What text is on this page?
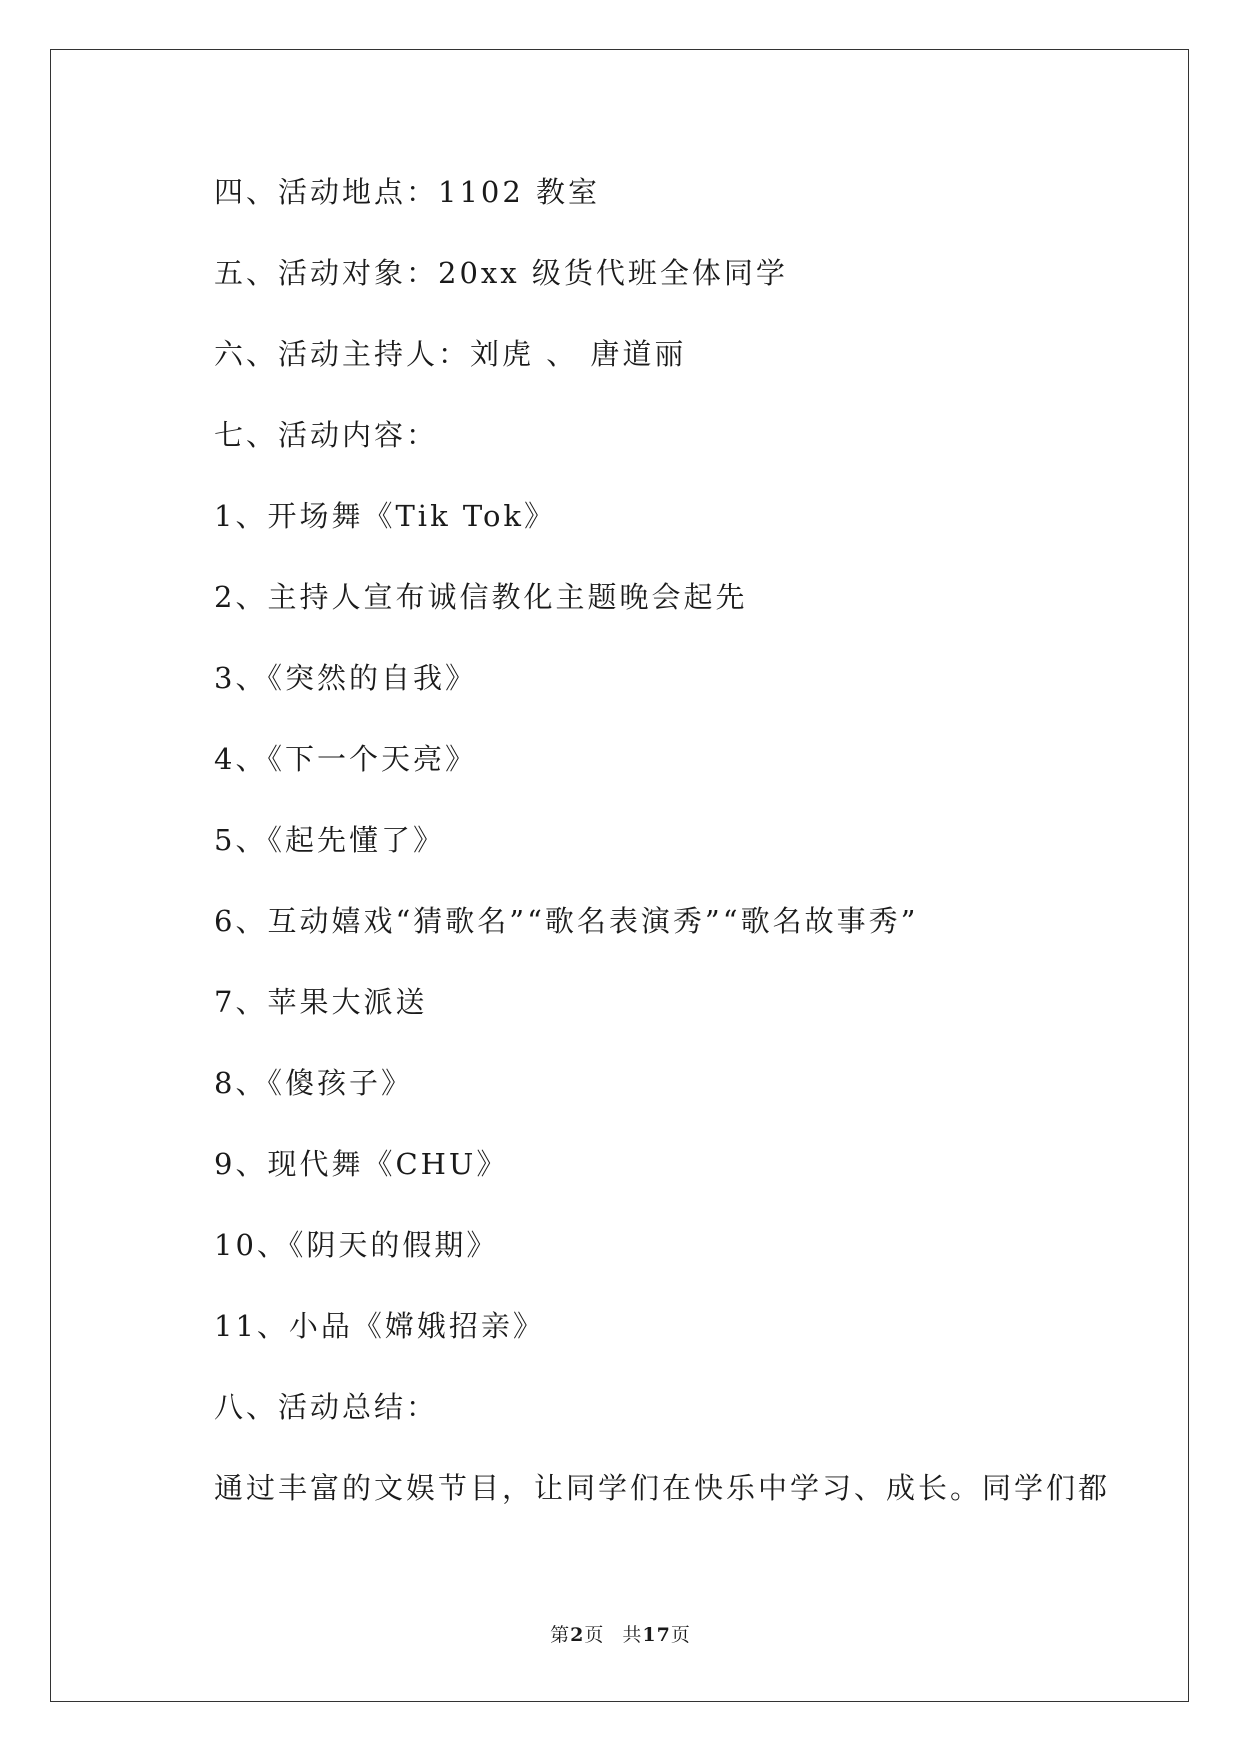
四、活动地点：1102 教室
五、活动对象：20xx 级货代班全体同学
六、活动主持人：刘虎 、 唐道丽
七、活动内容：
1、开场舞《Tik Tok》
2、主持人宣布诚信教化主题晚会起先
3、《突然的自我》
4、《下一个天亮》
5、《起先懂了》
6、互动嬉戏“猜歌名”“歌名表演秀”“歌名故事秀”
7、苹果大派送
8、《傻孩子》
9、现代舞《CHU》
10、《阴天的假期》
11、小品《嫦娥招亲》
八、活动总结：
通过丰富的文娱节目，让同学们在快乐中学习、成长。同学们都
第2页 共17页
